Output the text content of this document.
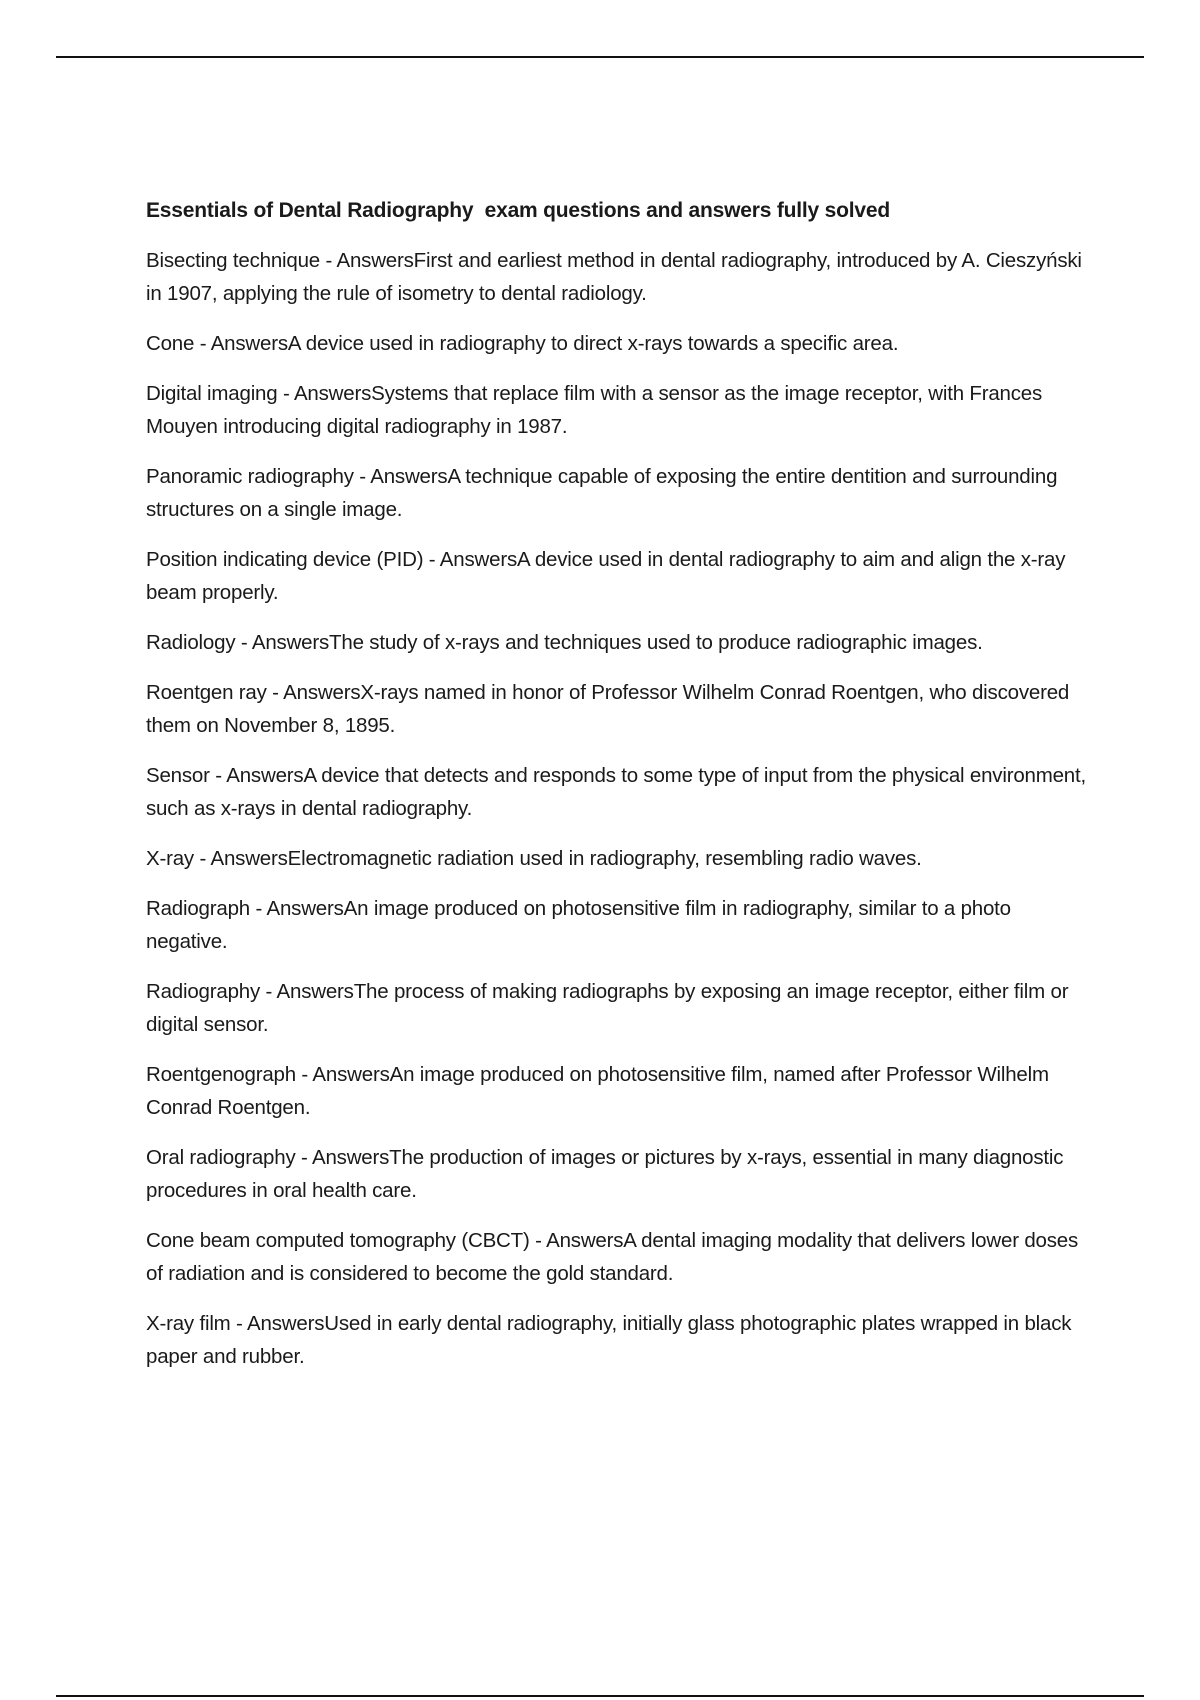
Essentials of Dental Radiography  exam questions and answers fully solved

Bisecting technique - AnswersFirst and earliest method in dental radiography, introduced by A. Cieszyński in 1907, applying the rule of isometry to dental radiology.

Cone - AnswersA device used in radiography to direct x-rays towards a specific area.

Digital imaging - AnswersSystems that replace film with a sensor as the image receptor, with Frances Mouyen introducing digital radiography in 1987.

Panoramic radiography - AnswersA technique capable of exposing the entire dentition and surrounding structures on a single image.

Position indicating device (PID) - AnswersA device used in dental radiography to aim and align the x-ray beam properly.

Radiology - AnswersThe study of x-rays and techniques used to produce radiographic images.

Roentgen ray - AnswersX-rays named in honor of Professor Wilhelm Conrad Roentgen, who discovered them on November 8, 1895.

Sensor - AnswersA device that detects and responds to some type of input from the physical environment, such as x-rays in dental radiography.

X-ray - AnswersElectromagnetic radiation used in radiography, resembling radio waves.

Radiograph - AnswersAn image produced on photosensitive film in radiography, similar to a photo negative.

Radiography - AnswersThe process of making radiographs by exposing an image receptor, either film or digital sensor.

Roentgenograph - AnswersAn image produced on photosensitive film, named after Professor Wilhelm Conrad Roentgen.

Oral radiography - AnswersThe production of images or pictures by x-rays, essential in many diagnostic procedures in oral health care.

Cone beam computed tomography (CBCT) - AnswersA dental imaging modality that delivers lower doses of radiation and is considered to become the gold standard.

X-ray film - AnswersUsed in early dental radiography, initially glass photographic plates wrapped in black paper and rubber.
